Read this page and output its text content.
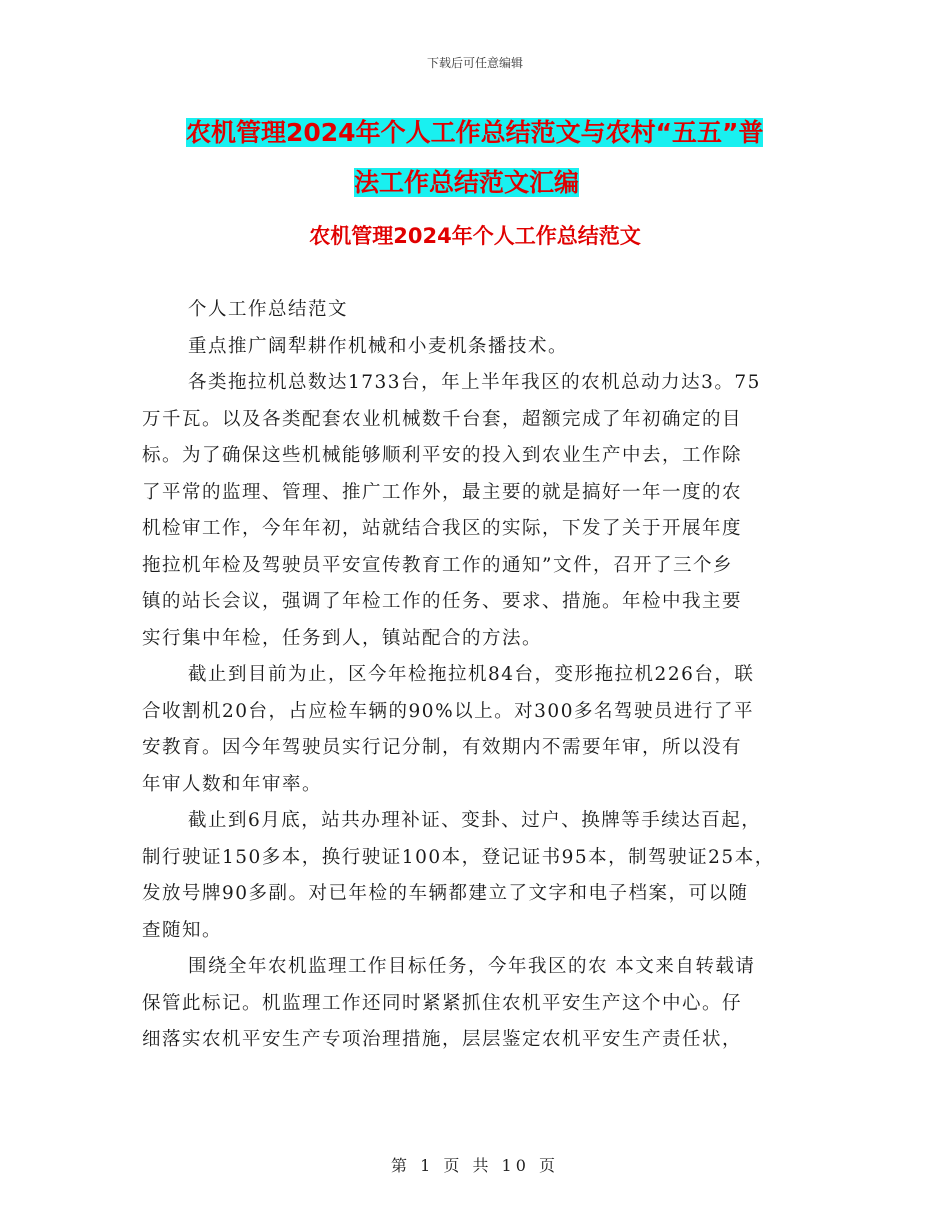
下载后可任意编辑
农机管理2024年个人工作总结范文与农村“五五”普
法工作总结范文汇编
农机管理2024年个人工作总结范文

个人工作总结范文

重点推广阔犁耕作机械和小麦机条播技术。

各类拖拉机总数达1733台，年上半年我区的农机总动力达3。75

万千瓦。以及各类配套农业机械数千台套，超额完成了年初确定的目

标。为了确保这些机械能够顺利平安的投入到农业生产中去，工作除

了平常的监理、管理、推广工作外，最主要的就是搞好一年一度的农

机检审工作，今年年初，站就结合我区的实际，下发了关于开展年度

拖拉机年检及驾驶员平安宣传教育工作的通知”文件，召开了三个乡

镇的站长会议，强调了年检工作的任务、要求、措施。年检中我主要

实行集中年检，任务到人，镇站配合的方法。

截止到目前为止，区今年检拖拉机84台，变形拖拉机226台，联

合收割机20台，占应检车辆的90%以上。对300多名驾驶员进行了平

安教育。因今年驾驶员实行记分制，有效期内不需要年审，所以没有

年审人数和年审率。

截止到6月底，站共办理补证、变卦、过户、换牌等手续达百起，

制行驶证150多本，换行驶证100本，登记证书95本，制驾驶证25本，

发放号牌90多副。对已年检的车辆都建立了文字和电子档案，可以随

查随知。

围绕全年农机监理工作目标任务，今年我区的农 本文来自转载请

保管此标记。机监理工作还同时紧紧抓住农机平安生产这个中心。仔

细落实农机平安生产专项治理措施，层层鉴定农机平安生产责任状，

第 1 页 共 10 页
